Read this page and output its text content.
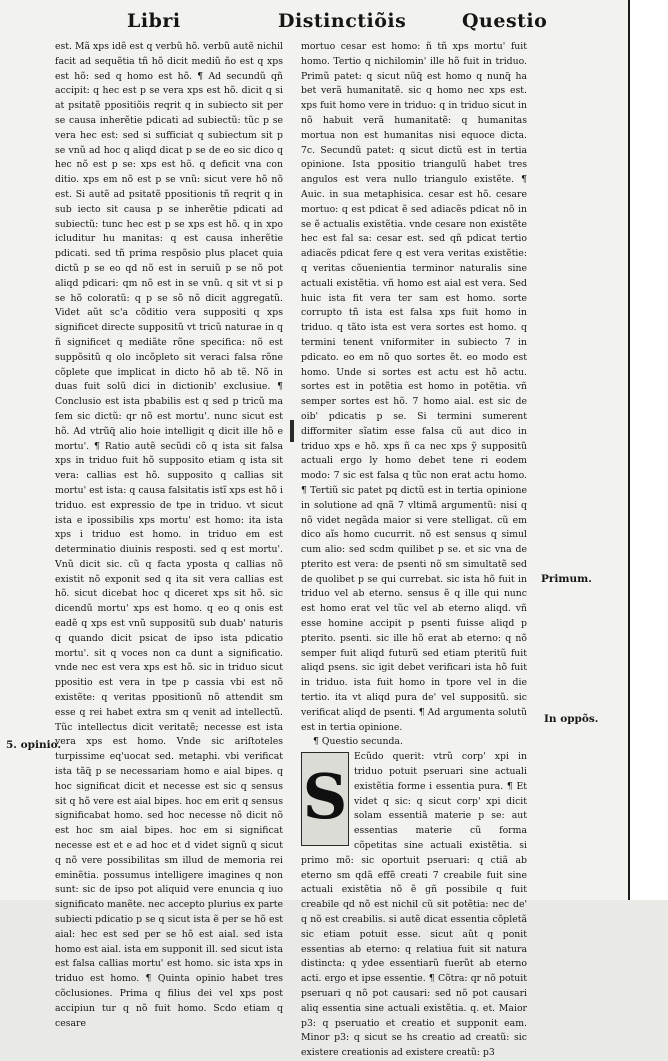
Libri	Distinctiõis	Questio

est. Mã xps idẽ est q verbũ hõ. verbũ autẽ nichil facit ad sequẽtia tñ hõ dicit mediũ ño est q xps est hõ: sed q homo est hõ. ¶ Ad secundũ qñ accipit: q hec est p se vera xps est hõ. dicit q si at psitatẽ ppositiõis reqrit q in subiecto sit per se causa inherẽtie pdicati ad subiectũ: tũc p se vera hec est: sed si sufficiat q subiectum sit p se vnũ ad hoc q aliqd dicat p se de eo sic dico q hec nõ est p se: xps est hõ. q deficit vna con ditio. xps em nõ est p se vnũ: sicut vere hõ nõ est. Si autẽ ad psitatẽ ppositionis tñ reqrit q in sub iecto sit causa p se inherẽtie pdicati ad subiectũ: tunc hec est p se xps est hõ. q in xpo icluditur hu manitas: q est causa inherẽtie pdicati. sed tñ prima respõsio plus placet quia dictũ p se eo qd nõ est in seruiũ p se nõ pot aliqd pdicari: qm nõ est in se vnũ. q sit vt si p se hõ coloratũ: q p se sõ nõ dicit aggregatũ. Videt aũt sc'a cõditio vera suppositi q xps significet directe suppositũ vt tricũ naturae in q ñ significet q mediãte rõne specifica: nõ est suppõsitũ q olo incõpleto sit veraci falsa rõne cõplete que implicat in dicto hõ ab tẽ. Nõ in duas fuit solũ dici in dictionib' exclusiue. ¶ Conclusio est ista pbabilis est q sed p tricũ ma ſem sic dictũ: qr nõ est mortu'. nunc sicut est hõ. Ad vtrũq̃ alio hoie intelligit q dicit ille hõ e mortu'. ¶ Ratio autẽ secũdi cõ q ista sit falsa xps in triduo fuit hõ supposito etiam q ista sit vera: callias est hõ. supposito q callias sit mortu' est ista: q causa falsitatis istĩ xps est hõ i triduo. est expressio de tpe in triduo. vt sicut ista e ipossibilis xps mortu' est homo: ita ista xps i triduo est homo. in triduo em est determinatio diuinis resposti. sed q est mortu'. Vnũ dicit sic. cũ q facta yposta q callias nõ existit nõ exponit sed q ita sit vera callias est hõ. sicut dicebat hoc q diceret xps sit hõ. sic dicendũ mortu' xps est homo. q eo q onis est eadẽ q xps est vnũ suppositũ sub duab' naturis q quando dicit psicat de ipso ista pdicatio mortu'. sit q voces non ca dunt a significatio. vnde nec est vera xps est hõ. sic in triduo sicut ppositio est vera in tpe p cassia vbi est nõ existẽte: q veritas ppositionũ nõ attendit sm esse q rei habet extra sm q venit ad intellectũ. Tũc intellectus dicit veritatẽ; necesse est ista vera xps est homo. Vnde sic ariſtoteles turpissime eq'uocat sed. metaphi. vbi verificat ista tãq̃ p se necessariam homo e aial bipes. q hoc significat dicit et necesse est sic q sensus sit q hõ vere est aial bipes. hoc em erit q sensus significabat homo. sed hoc necesse nõ dicit nõ est hoc sm aial bipes. hoc em si significat necesse est et e ad hoc et d videt signũ q sicut q nõ vere possibilitas sm illud de memoria rei eminẽtia. possumus intelligere imagines q non sunt: sic de ipso pot aliquid vere enuncia q iuo significato manẽte. nec accepto plurius ex parte subiecti pdicatio p se q sicut ista ẽ per se hõ est aial: hec est sed per se hõ est aial. sed ista homo est aial. ista em supponit ill. sed sicut ista est falsa callias mortu' est homo. sic ista xps in triduo est homo. ¶ Quinta opinio habet tres cõclusiones. Prima q filius dei vel xps post accipiun tur q nõ fuit homo. Scdo etiam q cesare

mortuo cesar est homo: ñ tñ xps mortu' fuit homo. Tertio q nichilomin' ille hõ fuit in triduo. Primũ patet: q sicut nũq̃ est homo q nunq̃ ha bet verã humanitatẽ. sic q homo nec xps est. xps fuit homo vere in triduo: q in triduo sicut in nõ habuit verã humanitatẽ: q humanitas mortua non est humanitas nisi equoce dicta. 7c. Secundũ patet: q sicut dictũ est in tertia opinione. Ista ppositio triangulũ habet tres angulos est vera nullo triangulo existẽte. ¶ Auic. in sua metaphisica. cesar est hõ. cesare mortuo: q est pdicat ẽ sed adiacẽs pdicat nõ in se ẽ actualis existẽtia. vnde cesare non existẽte hec est fal sa: cesar est. sed qñ pdicat tertio adiacẽs pdicat fere q est vera veritas existẽtie: q veritas cõuenientia terminor naturalis sine actuali existẽtia. vñ homo est aial est vera. Sed huic ista fit vera ter sam est homo. sorte corrupto tñ ista est falsa xps fuit homo in triduo. q tãto ista est vera sortes est homo. q termini tenent vniformiter in subiecto 7 in pdicato. eo em nõ quo sortes ẽt. eo modo est homo. Unde si sortes est actu est hõ actu. sortes est in potẽtia est homo in potẽtia. vñ semper sortes est hõ. 7 homo aial. est sic de oib' pdicatis p se. Si termini sumerent difformiter sĩatim esse falsa cũ aut dico in triduo xps e hõ. xps ñ ca nec xps ỹ suppositũ actuali ergo ly homo debet tene ri eodem modo: 7 sic est falsa q tũc non erat actu homo. ¶ Tertiũ sic patet pq dictũ est in tertia opinione in solutione ad qnã 7 vltimã argumentũ: nisi q nõ videt negãda maior si vere stelligat. cũ em dico aĩs homo cucurrit. nõ est sensus q simul cum alio: sed scdm quilibet p se. et sic vna de pterito est vera: de psenti nõ sm simultatẽ sed de quolibet p se qui currebat. sic ista hõ fuit in triduo vel ab eterno. sensus ẽ q ille qui nunc est homo erat vel tũc vel ab eterno aliqd. vñ esse homine accipit p psenti fuisse aliqd p pterito. psenti. sic ille hõ erat ab eterno: q nõ semper fuit aliqd futurũ sed etiam pteritũ fuit aliqd psens. sic igit debet verificari ista hõ fuit in triduo. ista fuit homo in tpore vel in die tertio. ita vt aliqd pura de' vel suppositũ. sic verificat aliqd de psenti. ¶ Ad argumenta solutũ est in tertia opinione.

¶ Questio secunda.

S

Ecũdo querit: vtrũ corp' xpi in triduo potuit pseruari sine actuali existẽtia forme i essentia pura. ¶ Et videt q sic: q sicut corp' xpi dicit solam essentiã materie p se: aut essentias materie cũ forma cõpetitas sine actuali existẽtia. si primo mõ: sic oportuit pseruari: q ctiã ab eterno sm qdã effẽ creati 7 creabile fuit sine actuali existẽtia nõ ẽ gñ possibile q fuit creabile qd nõ est nichil cũ sit potẽtia: nec de' q nõ est creabilis. si autẽ dicat essentia cõpletã sic etiam potuit esse. sicut aũt q ponit essentias ab eterno: q relatiua fuit sit natura distincta: q ydee essentiarũ fuerũt ab eterno acti. ergo et ipse essentie. ¶ Cõtra: qr nõ potuit pseruari q nõ pot causari: sed nõ pot causari aliq essentia sine actuali existẽtia. q. et. Maior p3: q pseruatio et creatio et supponit eam. Minor p3: q sicut se hs creatio ad creatũ: sic existere creationis ad existere creatũ: p3

5. opinio.
Primum.
In oppõs.
